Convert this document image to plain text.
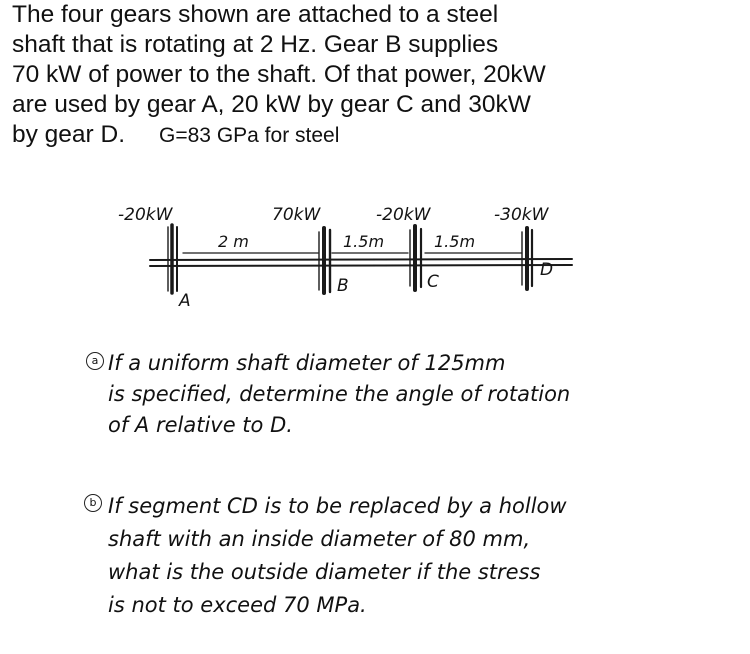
The four gears shown are attached to a steel
shaft that is rotating at 2 Hz. Gear B supplies
70 kW of power to the shaft. Of that power, 20kW
are used by gear A, 20 kW by gear C and 30kW
by gear D. G=83 GPa for steel
-20kW	70kW	-20kW	-30kW
2 m	1.5m	1.5m
A
B	C
D
a If a uniform shaft diameter of 125mm
is specified, determine the angle of rotation
of A relative to D.
b If segment CD is to be replaced by a hollow
shaft with an inside diameter of 80 mm,
what is the outside diameter if the stress
is not to exceed 70 MPa.
